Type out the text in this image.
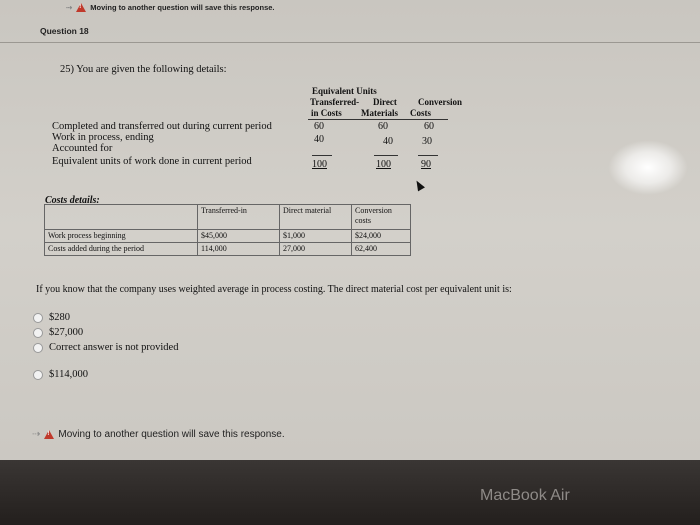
⇢ ! Moving to another question will save this response.
Question 18
25) You are given the following details:
Equivalent Units
Transferred-
in Costs
Direct
Materials
Conversion
Costs
Completed and transferred out during current period	60	60	60
Work in process, ending	40	40	30
Accounted for
Equivalent units of work done in current period	100	100	90
Costs details:
	Transferred-in	Direct material	Conversion costs
Work process beginning	$45,000	$1,000	$24,000
Costs added during the period	114,000	27,000	62,400
If you know that the company uses weighted average in process costing. The direct material cost per equivalent unit is:
$280
$27,000
Correct answer is not provided
$114,000
⇢ ! Moving to another question will save this response.
MacBook Air
